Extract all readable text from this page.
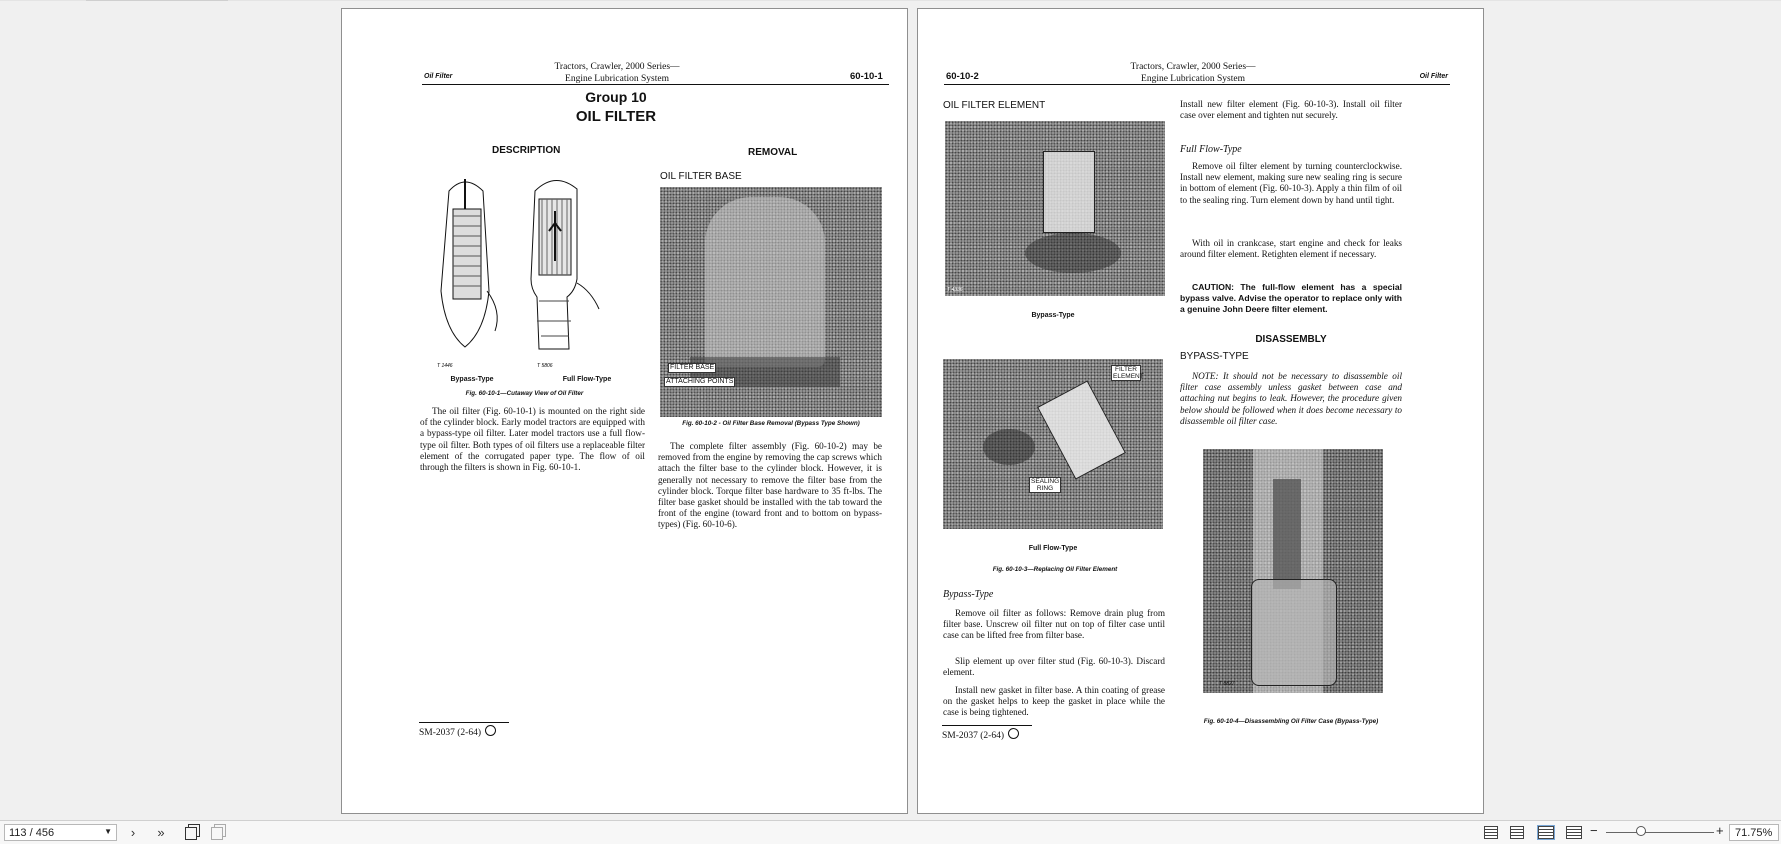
Oil Filter
Tractors, Crawler, 2000 Series—
Engine Lubrication System	60-10-1
Group 10
OIL FILTER
DESCRIPTION	REMOVAL
OIL FILTER BASE
T 1446	T 5806
Bypass-Type	Full Flow-Type
Fig. 60-10-1—Cutaway View of Oil Filter
FILTER BASE
ATTACHING POINTS
Fig. 60-10-2 - Oil Filter Base Removal (Bypass Type Shown)
The oil filter (Fig. 60-10-1) is mounted on the right side of the cylinder block. Early model tractors are equipped with a bypass-type oil filter. Later model tractors use a full flow-type oil filter. Both types of oil filters use a replaceable filter element of the corrugated paper type. The flow of oil through the filters is shown in Fig. 60-10-1.
The complete filter assembly (Fig. 60-10-2) may be removed from the engine by removing the cap screws which attach the filter base to the cylinder block. However, it is generally not necessary to remove the filter base from the cylinder block. Torque filter base hardware to 35 ft-lbs. The filter base gasket should be installed with the tab toward the front of the engine (toward front and to bottom on bypass-types) (Fig. 60-10-6).
SM-2037 (2-64)
60-10-2
Tractors, Crawler, 2000 Series—
Engine Lubrication System	Oil Filter
OIL FILTER ELEMENT
T 4336
Bypass-Type
FILTER ELEMENT
SEALING RING
Full Flow-Type
Fig. 60-10-3—Replacing Oil Filter Element
Bypass-Type
Remove oil filter as follows: Remove drain plug from filter base. Unscrew oil filter nut on top of filter case until case can be lifted free from filter base.
Slip element up over filter stud (Fig. 60-10-3). Discard element.
Install new gasket in filter base. A thin coating of grease on the gasket helps to keep the gasket in place while the case is being tightened.
Install new filter element (Fig. 60-10-3). Install oil filter case over element and tighten nut securely.
Full Flow-Type
Remove oil filter element by turning counterclockwise. Install new element, making sure new sealing ring is secure in bottom of element (Fig. 60-10-3). Apply a thin film of oil to the sealing ring. Turn element down by hand until tight.
With oil in crankcase, start engine and check for leaks around filter element. Retighten element if necessary.
CAUTION: The full-flow element has a special bypass valve. Advise the operator to replace only with a genuine John Deere filter element.
DISASSEMBLY
BYPASS-TYPE
NOTE: It should not be necessary to disassemble oil filter case assembly unless gasket between case and attaching nut begins to leak. However, the procedure given below should be followed when it does become necessary to disassemble oil filter case.
T 8827
Fig. 60-10-4—Disassembling Oil Filter Case (Bypass-Type)
SM-2037 (2-64)
113 / 456	▼	›	»	−	+ 71.75%
